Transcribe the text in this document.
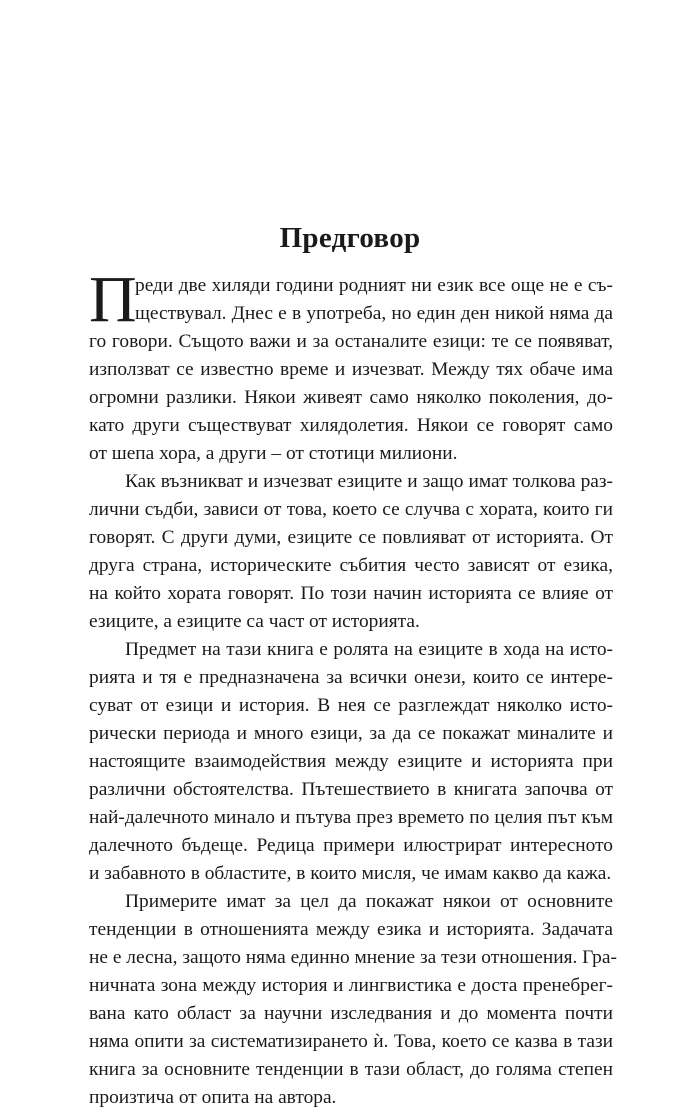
Предговор
П
реди две хиляди години родният ни език все още не е съ-
ществувал. Днес е в употреба, но един ден никой няма да
го говори. Същото важи и за останалите езици: те се появяват,
използват се известно време и изчезват. Между тях обаче има
огромни разлики. Някои живеят само няколко поколения, до-
като други съществуват хилядолетия. Някои се говорят само
от шепа хора, а други – от стотици милиони.
Как възникват и изчезват езиците и защо имат толкова раз-
лични съдби, зависи от това, което се случва с хората, които ги
говорят. С други думи, езиците се повлияват от историята. От
друга страна, историческите събития често зависят от езика,
на който хората говорят. По този начин историята се влияе от
езиците, а езиците са част от историята.
Предмет на тази книга е ролята на езиците в хода на исто-
рията и тя е предназначена за всички онези, които се интере-
суват от езици и история. В нея се разглеждат няколко исто-
рически периода и много езици, за да се покажат миналите и
настоящите взаимодействия между езиците и историята при
различни обстоятелства. Пътешествието в книгата започва от
най-далечното минало и пътува през времето по целия път към
далечното бъдеще. Редица примери илюстрират интересното
и забавното в областите, в които мисля, че имам какво да кажа.
Примерите имат за цел да покажат някои от основните
тенденции в отношенията между езика и историята. Задачата
не е лесна, защото няма единно мнение за тези отношения. Гра-
ничната зона между история и лингвистика е доста пренебрег-
вана като област за научни изследвания и до момента почти
няма опити за систематизирането ѝ. Това, което се казва в тази
книга за основните тенденции в тази област, до голяма степен
произтича от опита на автора.
